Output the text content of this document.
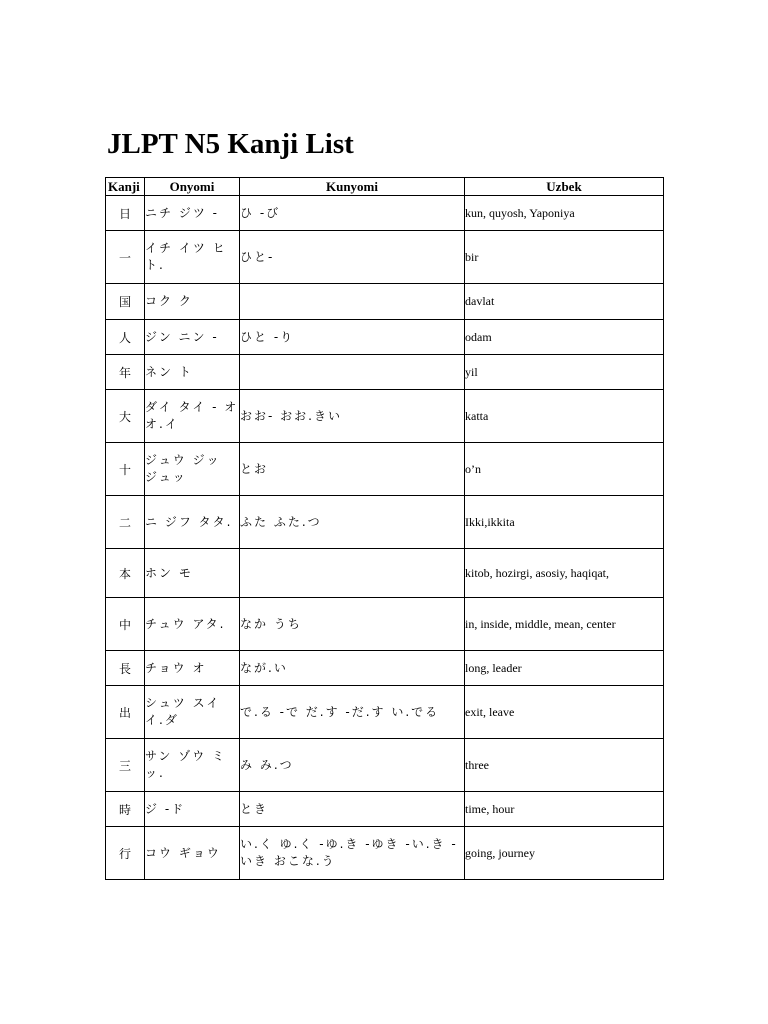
JLPT N5 Kanji List
Kanji	Onyomi	Kunyomi	Uzbek
日	ニチ ジツ -	ひ -び	kun, quyosh, Yaponiya
一	イチ イツ ヒト.	ひと-	bir
国	コク ク		davlat
人	ジン ニン -	ひと -り	odam
年	ネン ト		yil
大	ダイ タイ - オオ.イ	おお- おお.きい	katta
十	ジュウ ジッ ジュッ	とお	o’n
二	ニ ジフ タタ.	ふた ふた.つ	Ikki,ikkita
本	ホン モ		kitob, hozirgi, asosiy, haqiqat,
中	チュウ アタ.	なか うち	in, inside, middle, mean, center
長	チョウ オ	なが.い	long, leader
出	シュツ スイ イ.ダ	で.る -で だ.す -だ.す い.でる	exit, leave
三	サン ゾウ ミッ.	み み.つ	three
時	ジ -ド	とき	time, hour
行	コウ ギョウ	い.く ゆ.く -ゆ.き -ゆき -い.き - いき おこな.う	going, journey
